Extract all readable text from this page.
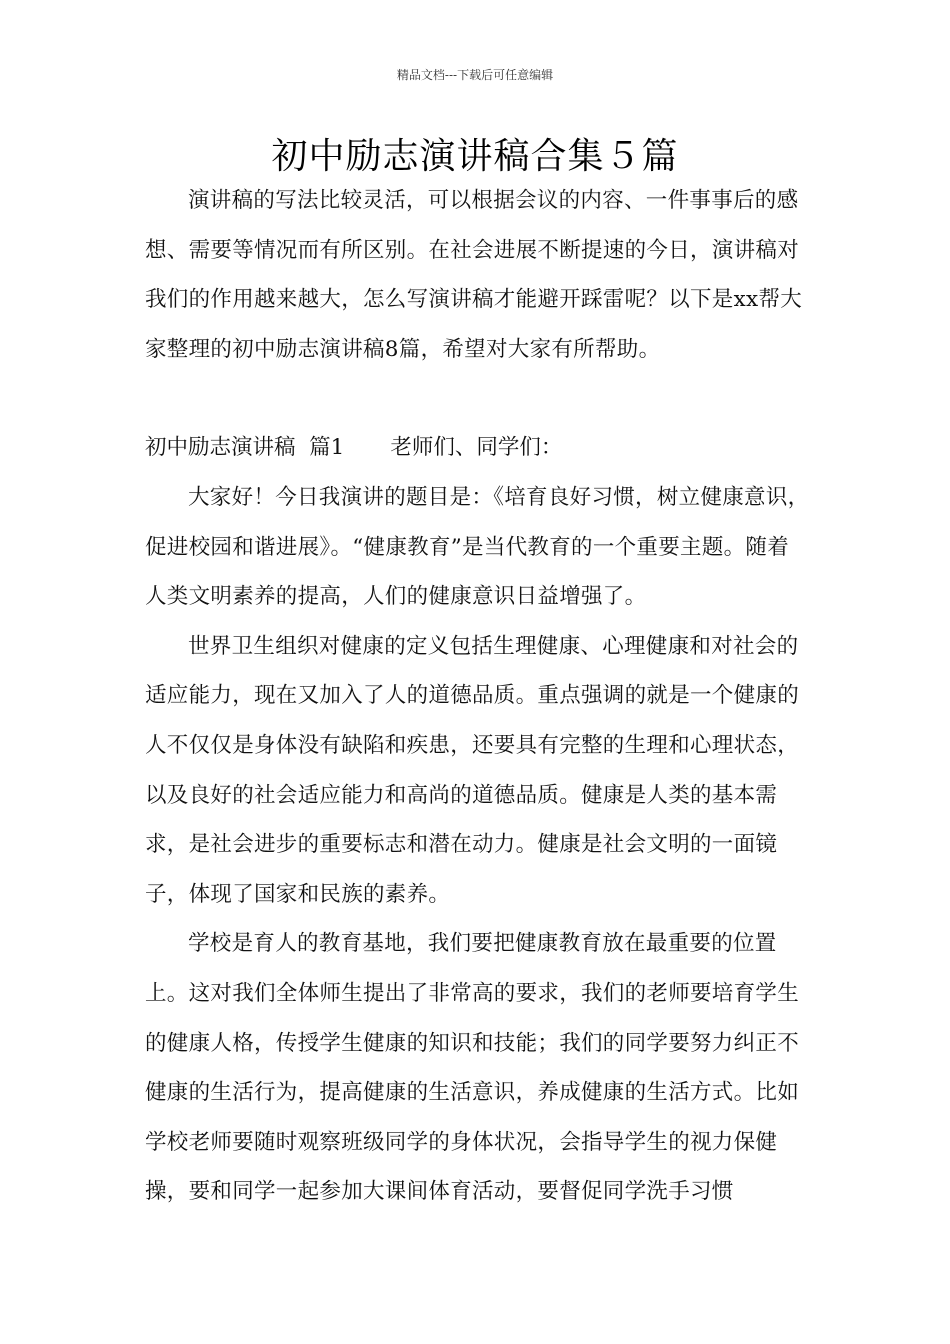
精品文档---下载后可任意编辑
初中励志演讲稿合集５篇

演讲稿的写法比较灵活，可以根据会议的内容、一件事事后的感想、需要等情况而有所区别。在社会进展不断提速的今日，演讲稿对我们的作用越来越大，怎么写演讲稿才能避开踩雷呢？以下是xx帮大家整理的初中励志演讲稿8篇，希望对大家有所帮助。

初中励志演讲稿  篇1 老师们、同学们：

大家好！今日我演讲的题目是：《培育良好习惯，树立健康意识，促进校园和谐进展》。“健康教育”是当代教育的一个重要主题。随着人类文明素养的提高，人们的健康意识日益增强了。

世界卫生组织对健康的定义包括生理健康、心理健康和对社会的适应能力，现在又加入了人的道德品质。重点强调的就是一个健康的人不仅仅是身体没有缺陷和疾患，还要具有完整的生理和心理状态，以及良好的社会适应能力和高尚的道德品质。健康是人类的基本需求，是社会进步的重要标志和潜在动力。健康是社会文明的一面镜子，体现了国家和民族的素养。

学校是育人的教育基地，我们要把健康教育放在最重要的位置上。这对我们全体师生提出了非常高的要求，我们的老师要培育学生的健康人格，传授学生健康的知识和技能；我们的同学要努力纠正不健康的生活行为，提高健康的生活意识，养成健康的生活方式。比如学校老师要随时观察班级同学的身体状况，会指导学生的视力保健操，要和同学一起参加大课间体育活动，要督促同学洗手习惯
